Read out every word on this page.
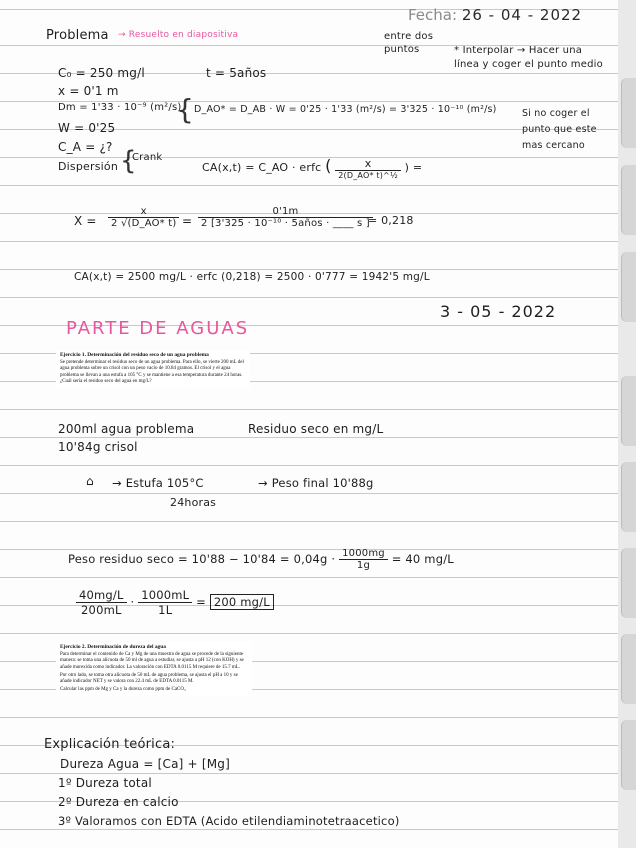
Fecha: 26 - 04 - 2022
Problema → Resuelto en diapositiva	entre dos puntos	* Interpolar → Hacer una línea y coger el punto medio
Si no coger el punto que este mas cercano
C₀ = 250 mg/l	t = 5años
x = 0'1 m
Dm = 1'33 · 10⁻⁹ (m²/s)
{ D_AO* = D_AB · W = 0'25 · 1'33 (m²/s) = 3'325 · 10⁻¹⁰ (m²/s)
W = 0'25
C_A = ¿?
Dispersión {
Crank
CA(x,t) = C_AO · erfc ( $\frac{x}{\text{2(D\_AO* t)\textasciicircum{}½}}$ ) =
$X = \frac{x}{2 √(D\_AO* t)} = \frac{0'1m}{\text{2 [3'325 · 10⁻¹⁰ · 5años · \_\_\_\_ s ]}}$
= 0,218
CA(x,t) = 2500 mg/L · erfc (0,218) = 2500 · 0'777 = 1942'5 mg/L
3 - 05 - 2022
PARTE DE AGUAS
Ejercicio 1. Determinación del residuo seco de un agua problema

Se pretende determinar el residuo seco de un agua problema. Para ello, se vierte 200 mL del agua problema sobre un crisol con un peso vacío de 10.84 gramos. El crisol y el agua problema se llevan a una estufa a 105 °C y se mantiene a esa temperatura durante 24 horas. ¿Cuál sería el residuo seco del agua en mg/L?

200ml agua problema	Residuo seco en mg/L
10'84g crisol
⌂ → Estufa 105°C	→ Peso final 10'88g
24horas
Peso residuo $\sec o = 10'88 - 10'84 = 0,04g \cdot \frac{1000mg}{1g} = 40$ mg/L
$\frac{40mg/L}{200mL} \cdot \frac{1000mL}{1L} = 200$ mg/L
Ejercicio 2. Determinación de dureza del agua

Para determinar el contenido de Ca y Mg de una muestra de agua se procede de la siguiente manera: se toma una alícuota de 50 ml de agua a estudiar, se ajusta a pH 12 (con KOH) y se añade murexida como indicador. La valoración con EDTA 0.0115 M requiere de 15.7 mL.

Por otro lado, se toma otra alícuota de 50 mL de agua problema, se ajusta el pH a 10 y se añade indicador NET y se valora con 22.4 mL de EDTA 0.0115 M.

Calcular las ppm de Mg y Ca y la dureza como ppm de CaCO₃

Explicación teórica:
Dureza Agua = [Ca] + [Mg]
1º Dureza total
2º Dureza en calcio
3º Valoramos con EDTA (Acido etilendiaminotetraacetico)
